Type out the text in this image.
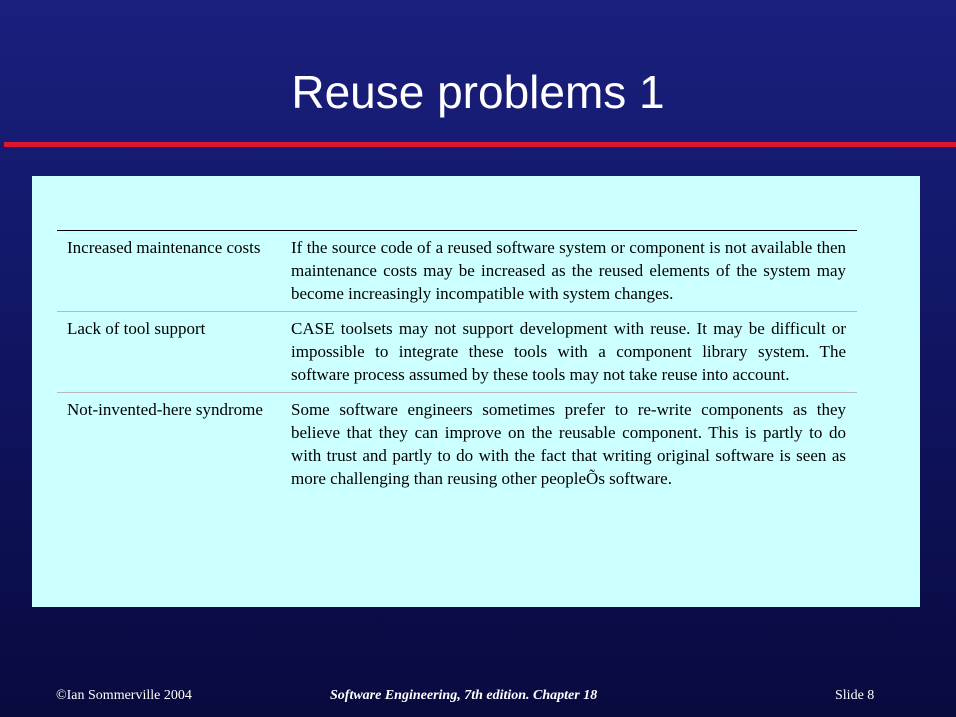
Reuse problems 1
Increased maintenance costs	If the source code of a reused software system or component is not available then maintenance costs may be increased as the reused elements of the system may become increasingly incompatible with system changes.
Lack of tool support	CASE toolsets may not support development with reuse. It may be difficult or impossible to integrate these tools with a component library system. The software process assumed by these tools may not take reuse into account.
Not-invented-here syndrome	Some software engineers sometimes prefer to re-write components as they believe that they can improve on the reusable component. This is partly to do with trust and partly to do with the fact that writing original software is seen as more challenging than reusing other peopleÕs software.
©Ian Sommerville 2004	Software Engineering, 7th edition. Chapter 18	Slide 8
